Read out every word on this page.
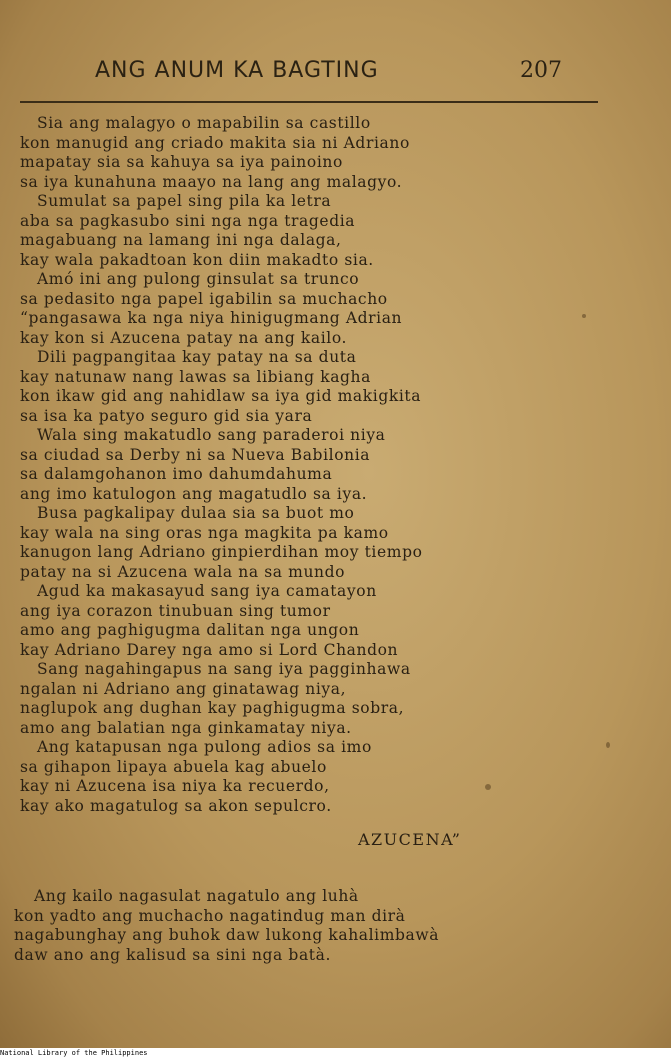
ANG ANUM KA BAGTING	207
Sia ang malagyo o mapabilin sa castillo
kon manugid ang criado makita sia ni Adriano
mapatay sia sa kahuya sa iya painoino
sa iya kunahuna maayo na lang ang malagyo.
Sumulat sa papel sing pila ka letra
aba sa pagkasubo sini nga nga tragedia
magabuang na lamang ini nga dalaga,
kay wala pakadtoan kon diin makadto sia.
Amó ini ang pulong ginsulat sa trunco
sa pedasito nga papel igabilin sa muchacho
“pangasawa ka nga niya hinigugmang Adrian
kay kon si Azucena patay na ang kailo.
Dili pagpangitaa kay patay na sa duta
kay natunaw nang lawas sa libiang kagha
kon ikaw gid ang nahidlaw sa iya gid makigkita
sa isa ka patyo seguro gid sia yara
Wala sing makatudlo sang paraderoi niya
sa ciudad sa Derby ni sa Nueva Babilonia
sa dalamgohanon imo dahumdahuma
ang imo katulogon ang magatudlo sa iya.
Busa pagkalipay dulaa sia sa buot mo
kay wala na sing oras nga magkita pa kamo
kanugon lang Adriano ginpierdihan moy tiempo
patay na si Azucena wala na sa mundo
Agud ka makasayud sang iya camatayon
ang iya corazon tinubuan sing tumor
amo ang paghigugma dalitan nga ungon
kay Adriano Darey nga amo si Lord Chandon
Sang nagahingapus na sang iya pagginhawa
ngalan ni Adriano ang ginatawag niya,
naglupok ang dughan kay paghigugma sobra,
amo ang balatian nga ginkamatay niya.
Ang katapusan nga pulong adios sa imo
sa gihapon lipaya abuela kag abuelo
kay ni Azucena isa niya ka recuerdo,
kay ako magatulog sa akon sepulcro.
AZUCENA”
Ang kailo nagasulat nagatulo ang luhà
kon yadto ang muchacho nagatindug man dirà
nagabunghay ang buhok daw lukong kahalimbawà
daw ano ang kalisud sa sini nga batà.
National Library of the Philippines
